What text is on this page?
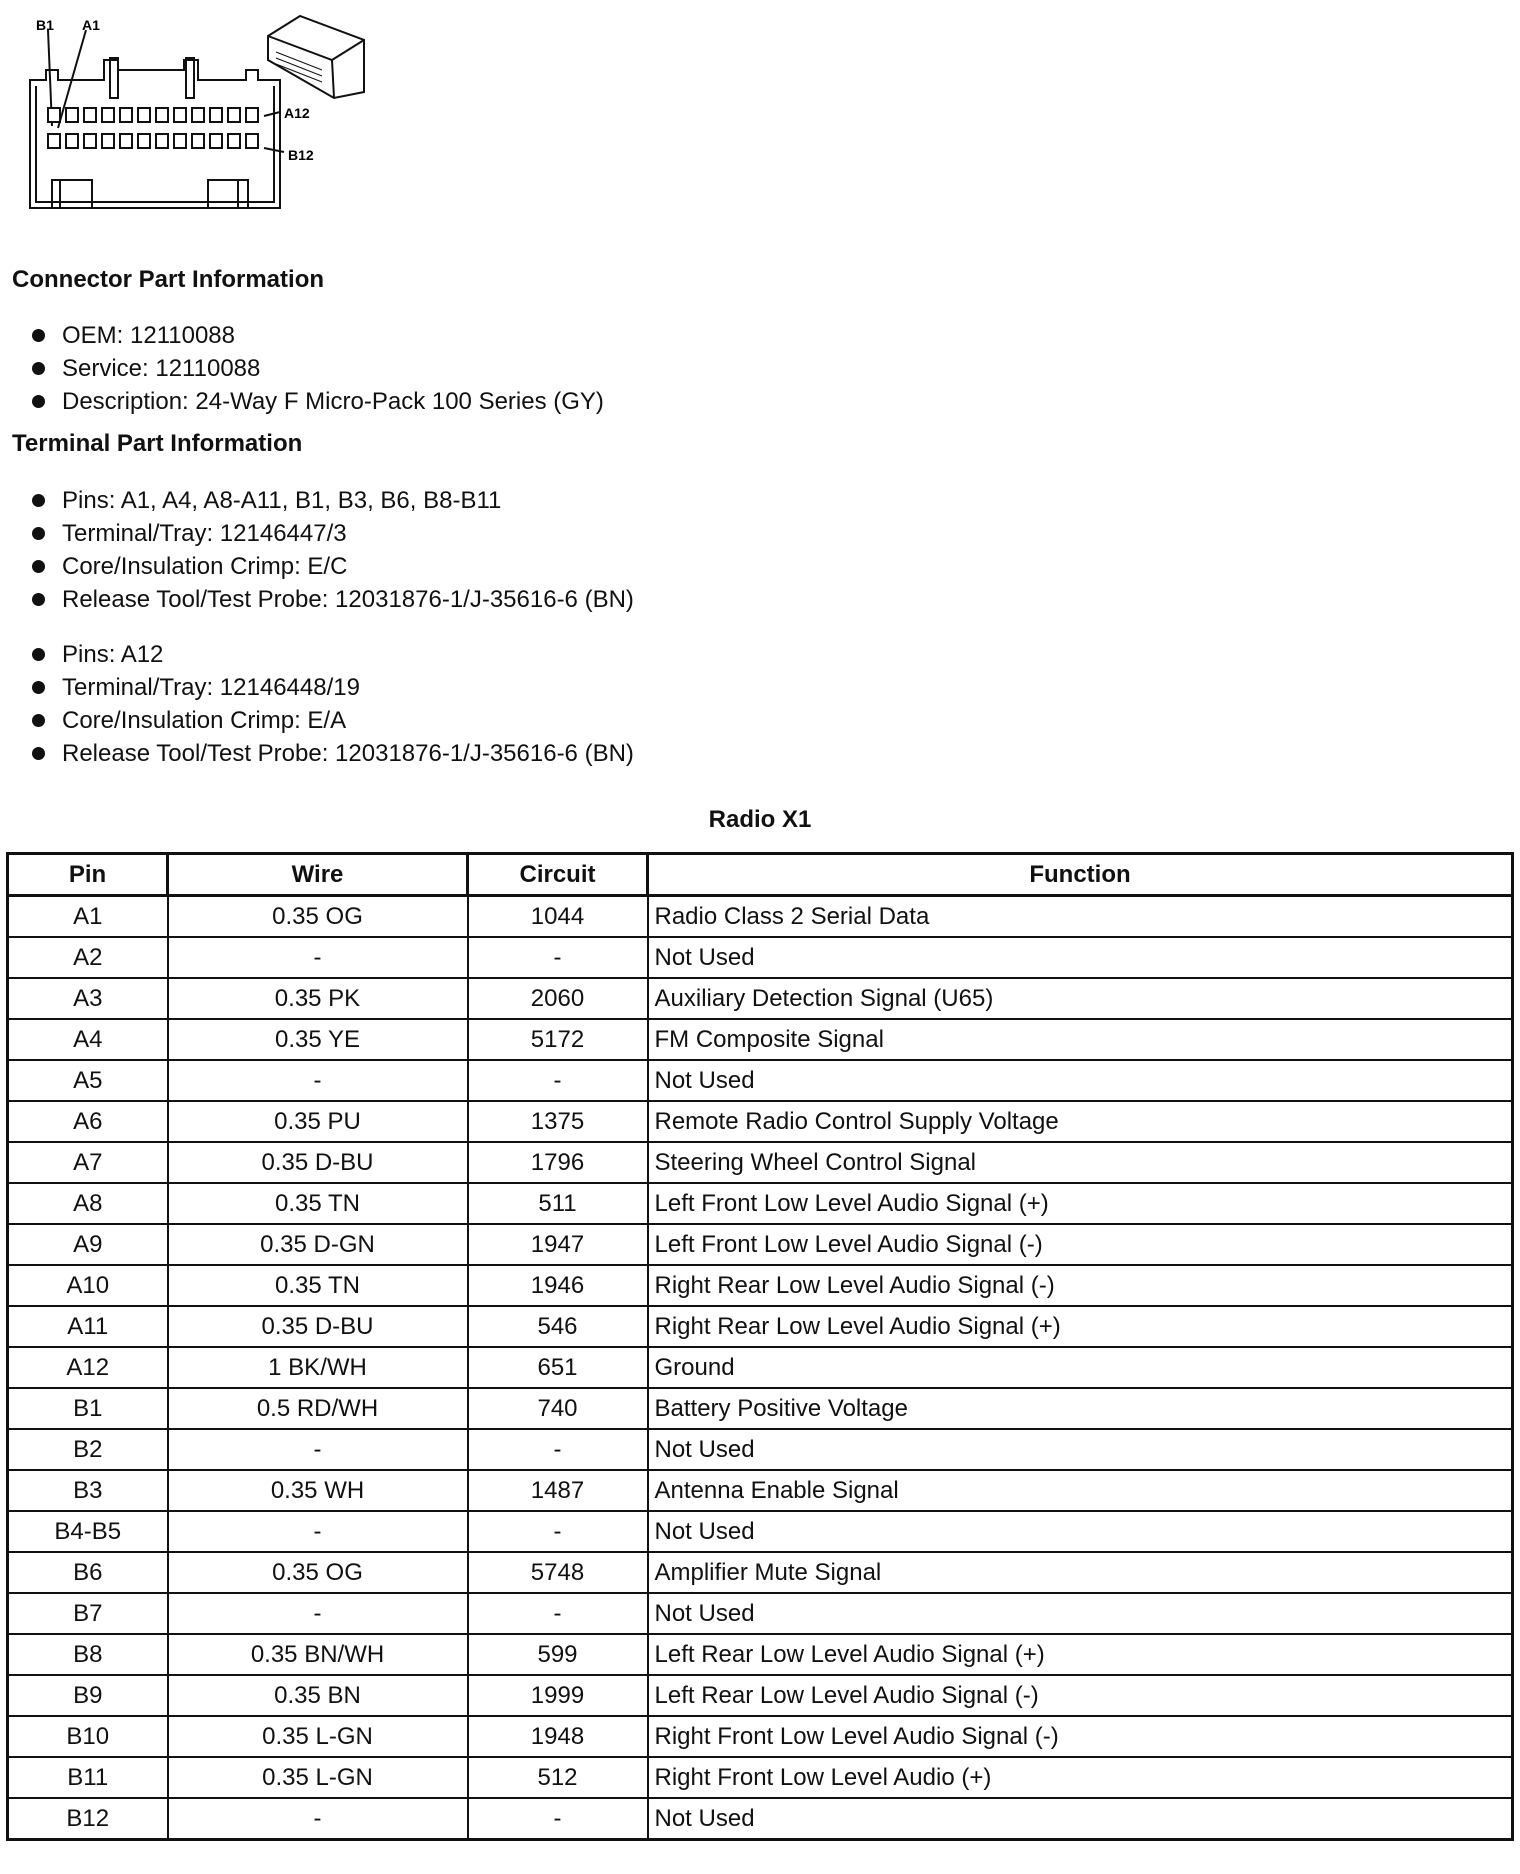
B1 A1
A12
B12
Connector Part Information
OEM: 12110088
Service: 12110088
Description: 24-Way F Micro-Pack 100 Series (GY)
Terminal Part Information
Pins: A1, A4, A8-A11, B1, B3, B6, B8-B11
Terminal/Tray: 12146447/3
Core/Insulation Crimp: E/C
Release Tool/Test Probe: 12031876-1/J-35616-6 (BN)
Pins: A12
Terminal/Tray: 12146448/19
Core/Insulation Crimp: E/A
Release Tool/Test Probe: 12031876-1/J-35616-6 (BN)
Radio X1
Pin	Wire	Circuit	Function
A1	0.35 OG	1044	Radio Class 2 Serial Data
A2	-	-	Not Used
A3	0.35 PK	2060	Auxiliary Detection Signal (U65)
A4	0.35 YE	5172	FM Composite Signal
A5	-	-	Not Used
A6	0.35 PU	1375	Remote Radio Control Supply Voltage
A7	0.35 D-BU	1796	Steering Wheel Control Signal
A8	0.35 TN	511	Left Front Low Level Audio Signal (+)
A9	0.35 D-GN	1947	Left Front Low Level Audio Signal (-)
A10	0.35 TN	1946	Right Rear Low Level Audio Signal (-)
A11	0.35 D-BU	546	Right Rear Low Level Audio Signal (+)
A12	1 BK/WH	651	Ground
B1	0.5 RD/WH	740	Battery Positive Voltage
B2	-	-	Not Used
B3	0.35 WH	1487	Antenna Enable Signal
B4-B5	-	-	Not Used
B6	0.35 OG	5748	Amplifier Mute Signal
B7	-	-	Not Used
B8	0.35 BN/WH	599	Left Rear Low Level Audio Signal (+)
B9	0.35 BN	1999	Left Rear Low Level Audio Signal (-)
B10	0.35 L-GN	1948	Right Front Low Level Audio Signal (-)
B11	0.35 L-GN	512	Right Front Low Level Audio (+)
B12	-	-	Not Used
